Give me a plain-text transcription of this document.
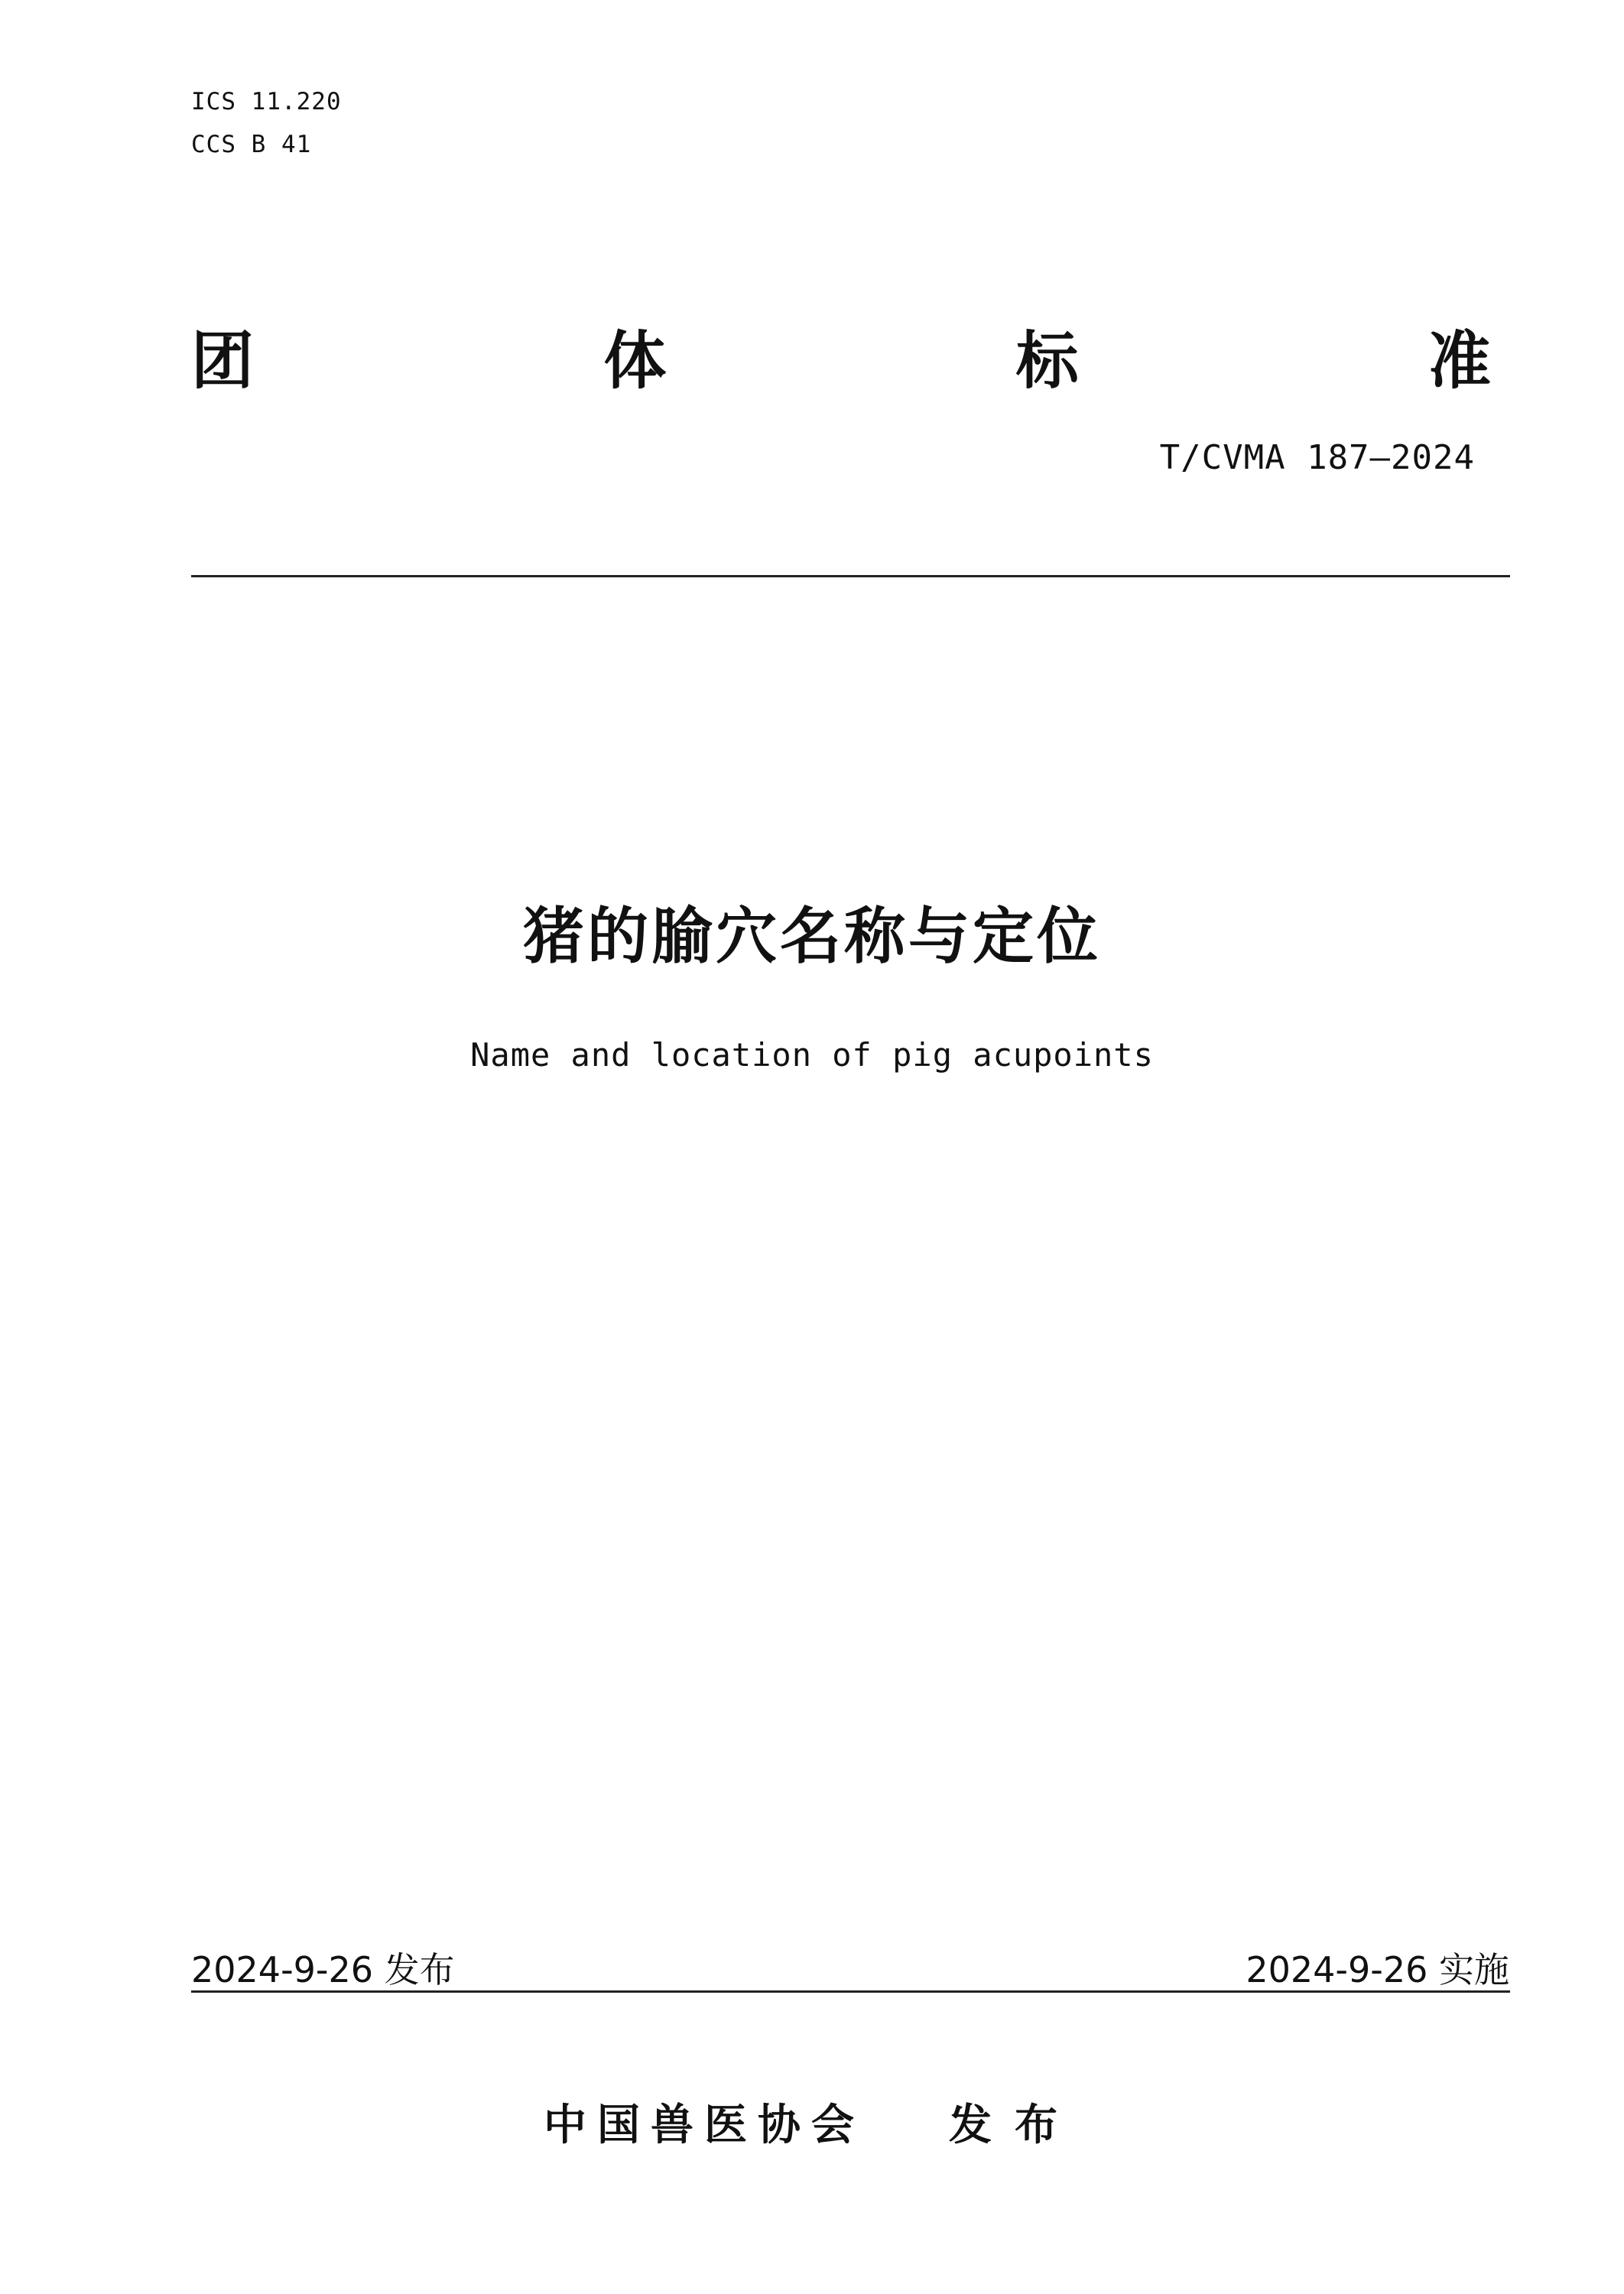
ICS 11.220
CCS B 41
团	体	标	准
T/CVMA 187—2024
猪的腧穴名称与定位
Name and location of pig acupoints
2024-9-26 发布	2024-9-26 实施
中国兽医协会 发布
